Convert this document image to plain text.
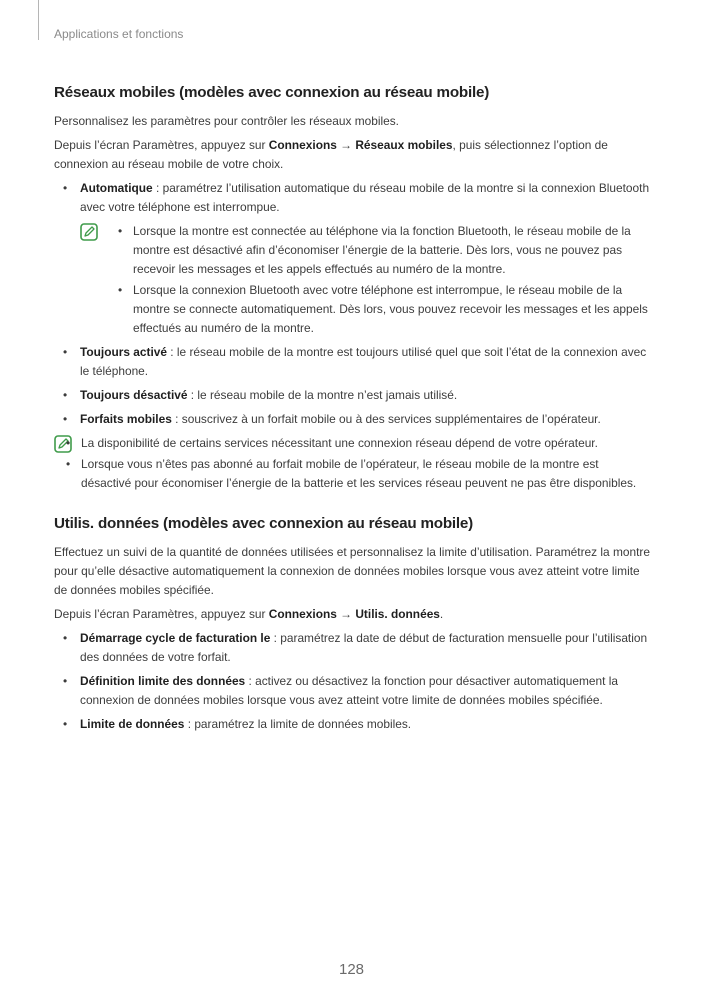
Applications et fonctions
Réseaux mobiles (modèles avec connexion au réseau mobile)

Personnalisez les paramètres pour contrôler les réseaux mobiles.

Depuis l’écran Paramètres, appuyez sur Connexions → Réseaux mobiles, puis sélectionnez l’option de connexion au réseau mobile de votre choix.

• Automatique : paramétrez l’utilisation automatique du réseau mobile de la montre si la connexion Bluetooth avec votre téléphone est interrompue.
• Lorsque la montre est connectée au téléphone via la fonction Bluetooth, le réseau mobile de la montre est désactivé afin d’économiser l’énergie de la batterie. Dès lors, vous ne pouvez pas recevoir les messages et les appels effectués au numéro de la montre.
• Lorsque la connexion Bluetooth avec votre téléphone est interrompue, le réseau mobile de la montre se connecte automatiquement. Dès lors, vous pouvez recevoir les messages et les appels effectués au numéro de la montre.
• Toujours activé : le réseau mobile de la montre est toujours utilisé quel que soit l’état de la connexion avec le téléphone.
• Toujours désactivé : le réseau mobile de la montre n’est jamais utilisé.
• Forfaits mobiles : souscrivez à un forfait mobile ou à des services supplémentaires de l’opérateur.
• La disponibilité de certains services nécessitant une connexion réseau dépend de votre opérateur.
• Lorsque vous n’êtes pas abonné au forfait mobile de l’opérateur, le réseau mobile de la montre est désactivé pour économiser l’énergie de la batterie et les services réseau peuvent ne pas être disponibles.
Utilis. données (modèles avec connexion au réseau mobile)

Effectuez un suivi de la quantité de données utilisées et personnalisez la limite d’utilisation. Paramétrez la montre pour qu’elle désactive automatiquement la connexion de données mobiles lorsque vous avez atteint votre limite de données mobiles spécifiée.

Depuis l’écran Paramètres, appuyez sur Connexions → Utilis. données.

• Démarrage cycle de facturation le : paramétrez la date de début de facturation mensuelle pour l’utilisation des données de votre forfait.
• Définition limite des données : activez ou désactivez la fonction pour désactiver automatiquement la connexion de données mobiles lorsque vous avez atteint votre limite de données mobiles spécifiée.
• Limite de données : paramétrez la limite de données mobiles.
128
